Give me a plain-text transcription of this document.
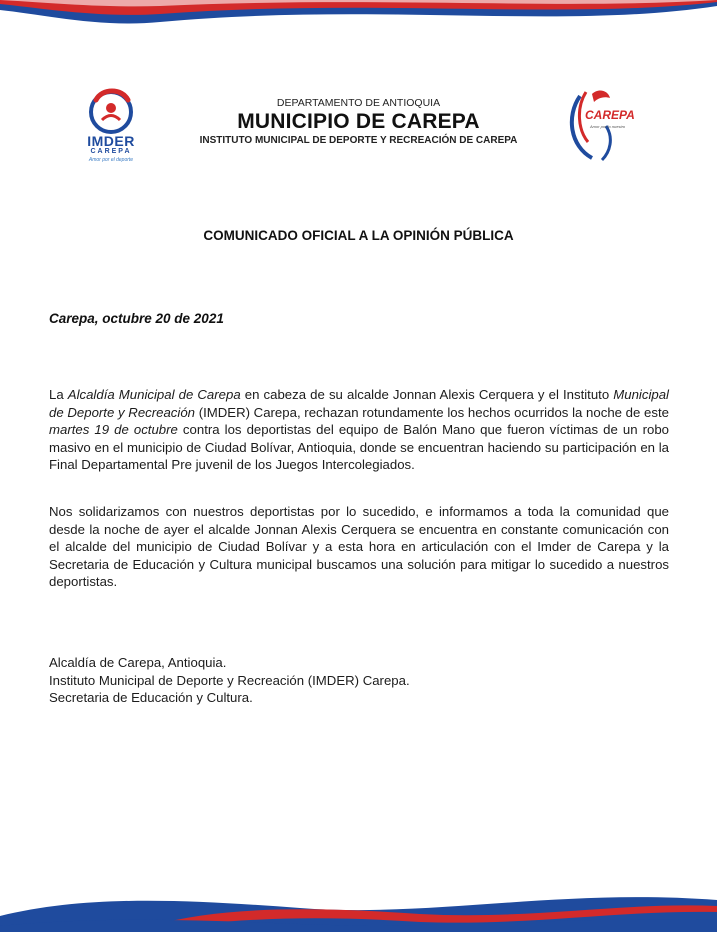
IMDER
CAREPA
Amor por el deporte
DEPARTAMENTO DE ANTIOQUIA
MUNICIPIO DE CAREPA
INSTITUTO MUNICIPAL DE DEPORTE Y RECREACIÓN DE CAREPA
CAREPA
Amor por lo nuestro
COMUNICADO OFICIAL A LA OPINIÓN PÚBLICA
Carepa, octubre 20 de 2021

La Alcaldía Municipal de Carepa en cabeza de su alcalde Jonnan Alexis Cerquera y el Instituto Municipal de Deporte y Recreación (IMDER) Carepa, rechazan rotundamente los hechos ocurridos la noche de este martes 19 de octubre contra los deportistas del equipo de Balón Mano que fueron víctimas de un robo masivo en el municipio de Ciudad Bolívar, Antioquia, donde se encuentran haciendo su participación en la Final Departamental Pre juvenil de los Juegos Intercolegiados.

Nos solidarizamos con nuestros deportistas por lo sucedido, e informamos a toda la comunidad que desde la noche de ayer el alcalde Jonnan Alexis Cerquera se encuentra en constante comunicación con el alcalde del municipio de Ciudad Bolívar y a esta hora en articulación con el Imder de Carepa y la Secretaria de Educación y Cultura municipal buscamos una solución para mitigar lo sucedido a nuestros deportistas.

Alcaldía de Carepa, Antioquia.
Instituto Municipal de Deporte y Recreación (IMDER) Carepa.
Secretaria de Educación y Cultura.
